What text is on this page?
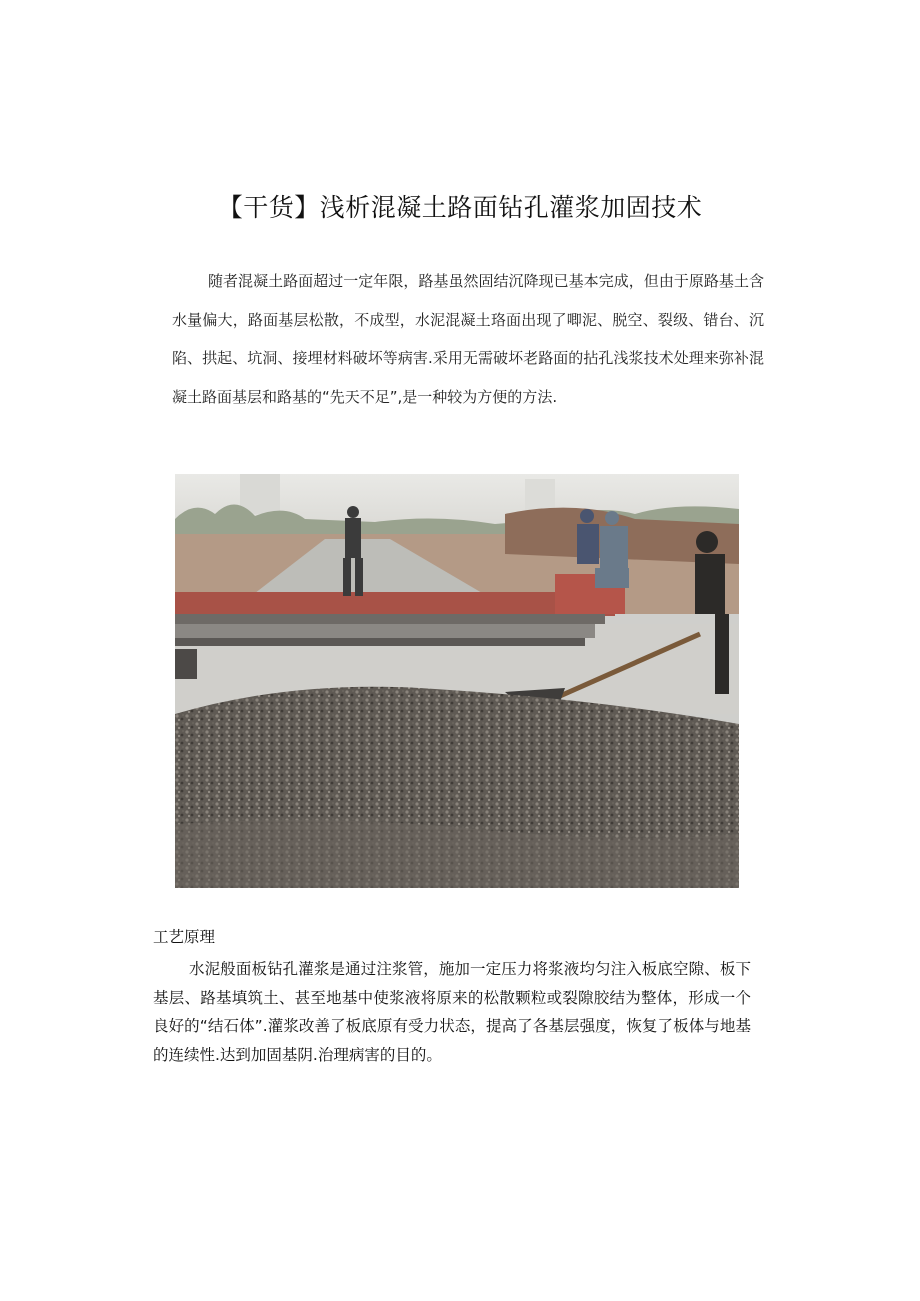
【干货】浅析混凝土路面钻孔灌浆加固技术

随者混凝土路面超过一定年限，路基虽然固结沉降现已基本完成，但由于原路基土含水量偏大，路面基层松散，不成型，水泥混凝土珞面出现了唧泥、脱空、裂级、错台、沉陷、拱起、坑洞、接埋材料破坏等病害.采用无需破坏老路面的拈孔浅浆技术处理来弥补混凝土路面基层和路基的“先天不足”,是一种较为方便的方法.

工艺原理

水泥般面板钻孔灌浆是通过注浆管，施加一定压力将浆液均匀注入板底空隙、板下基层、路基填筑土、甚至地基中使浆液将原来的松散颗粒或裂隙胶结为整体，形成一个良好的“结石体”.灌浆改善了板底原有受力状态，提高了各基层强度，恢复了板体与地基的连续性.达到加固基阴.治理病害的目的。
